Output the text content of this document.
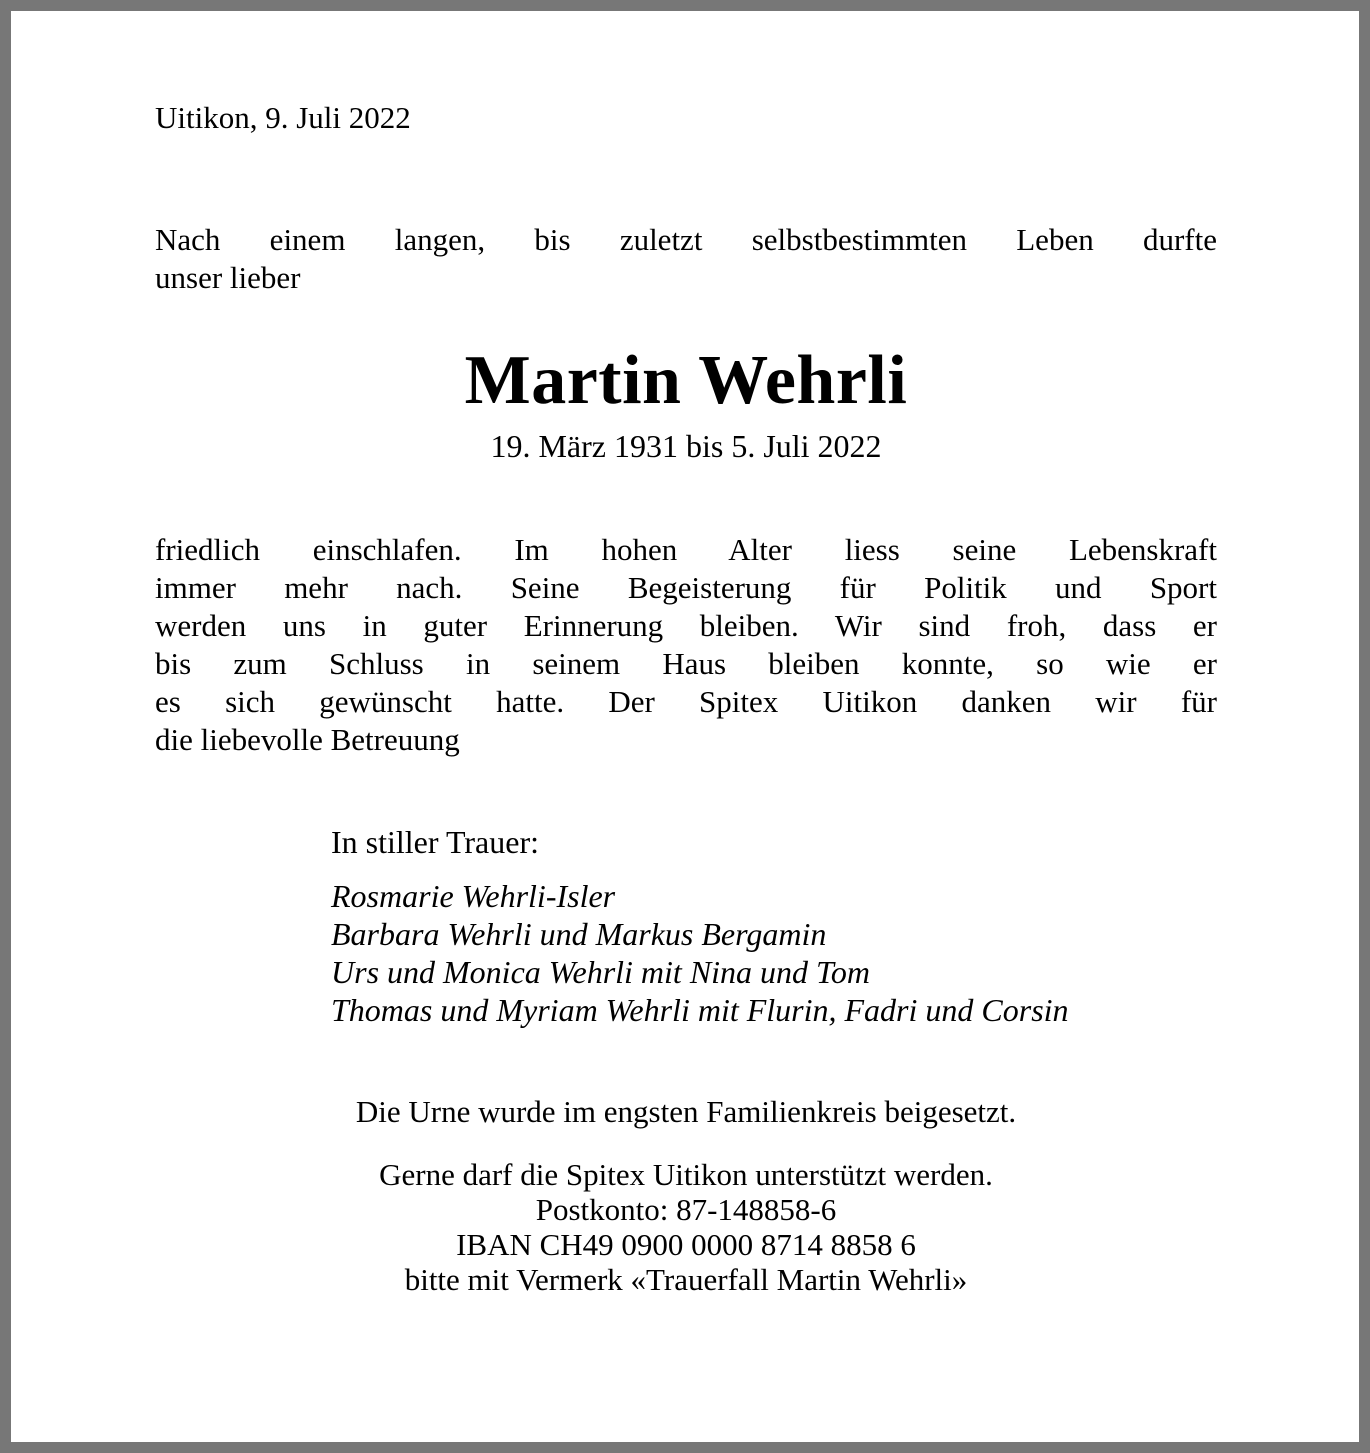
Uitikon, 9. Juli 2022
Nach einem langen, bis zuletzt selbstbestimmten Leben durfte
unser lieber
Martin Wehrli
19. März 1931 bis 5. Juli 2022
friedlich einschlafen. Im hohen Alter liess seine Lebenskraft
immer mehr nach. Seine Begeisterung für Politik und Sport
werden uns in guter Erinnerung bleiben. Wir sind froh, dass er
bis zum Schluss in seinem Haus bleiben konnte, so wie er
es sich gewünscht hatte. Der Spitex Uitikon danken wir für
die liebevolle Betreuung
In stiller Trauer:
Rosmarie Wehrli-Isler
Barbara Wehrli und Markus Bergamin
Urs und Monica Wehrli mit Nina und Tom
Thomas und Myriam Wehrli mit Flurin, Fadri und Corsin
Die Urne wurde im engsten Familienkreis beigesetzt.
Gerne darf die Spitex Uitikon unterstützt werden.
Postkonto: 87-148858-6
IBAN CH49 0900 0000 8714 8858 6
bitte mit Vermerk «Trauerfall Martin Wehrli»
